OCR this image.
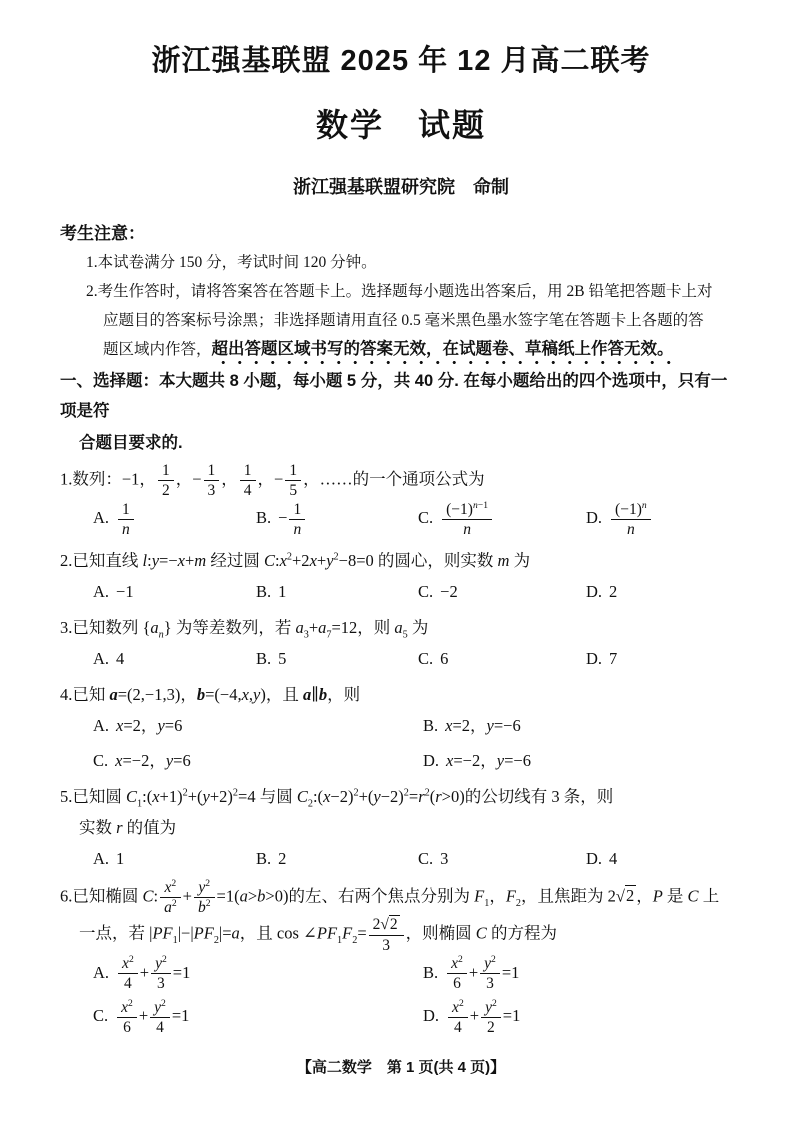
浙江强基联盟 2025 年 12 月高二联考
数学　试题
浙江强基联盟研究院　命制
考生注意：
1.本试卷满分 150 分，考试时间 120 分钟。
2.考生作答时，请将答案答在答题卡上。选择题每小题选出答案后，用 2B 铅笔把答题卡上对
应题目的答案标号涂黑；非选择题请用直径 0.5 毫米黑色墨水签字笔在答题卡上各题的答
题区域内作答，超出答题区域书写的答案无效，在试题卷、草稿纸上作答无效。
一、选择题：本大题共 8 小题，每小题 5 分，共 40 分. 在每小题给出的四个选项中，只有一项是符
合题目要求的.
1.数列：−1， $\frac{1}{2}$ ，− $\frac{1}{3}$ ， $\frac{1}{4}$ ，− $\frac{1}{5}$ ，……的一个通项公式为
A. $\frac{1}{n}$	B. − $\frac{1}{n}$	C. $\frac{(-1)^{n-1}}{n}$	D. $\frac{(-1)^n}{n}$
2.已知直线 l:y=−x+m 经过圆 $C:x^2+2x+y^2-8=0$ 的圆心，则实数 m 为
A. −1	B. 1	C. −2	D. 2
3.已知数列 $\{a_n\}$ 为等差数列，若 $a_3+a_7=12$，则 $a_5$ 为
A. 4	B. 5	C. 6	D. 7
4.已知 a=(2,−1,3)，b=(−4,x,y)，且 a∥b，则
A. x=2，y=6	B. x=2，y=−6
C. x=−2，y=6	D. x=−2，y=−6
5.已知圆 $C_1:(x+1)^2+(y+2)^2=4$ 与圆 $C_2:(x-2)^2+(y-2)^2=r^2(r>0)$的公切线有 3 条，则
实数 r 的值为
A. 1	B. 2	C. 3	D. 4
6.已知椭圆 C: $\frac{x^2}{a^2} + \frac{y^2}{b^2} =1(a>b>0)$的左、右两个焦点分别为 $F_1$，$F_2$，且焦距为 2√2 ，P 是 C 上
一点，若 $|PF_1|-|PF_2|=a$，且 $\cos \angle PF_1F_2= \frac{2√2}{3}$ ，则椭圆 C 的方程为
A. $\frac{x^2}{4} + \frac{y^2}{3} =1$	B. $\frac{x^2}{6} + \frac{y^2}{3} =1$
C. $\frac{x^2}{6} + \frac{y^2}{4} =1$	D. $\frac{x^2}{4} + \frac{y^2}{2} =1$
【高二数学　第 1 页(共 4 页)】
